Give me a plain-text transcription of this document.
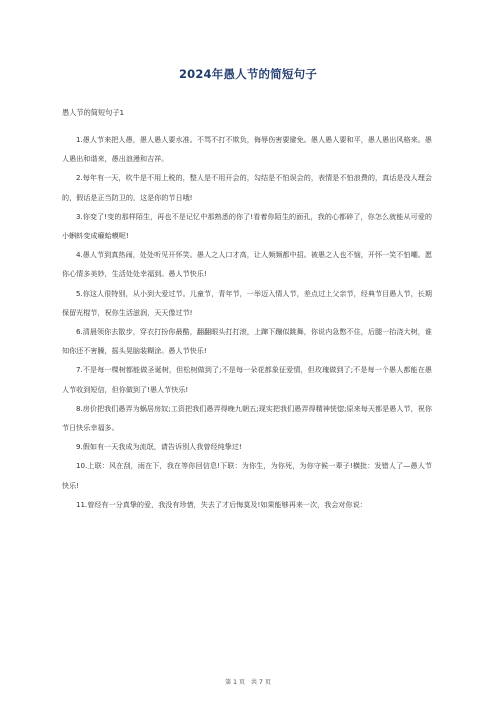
2024年愚人节的简短句子
愚人节的简短句子1

1.愚人节来把人愚，愚人愚人要水准。不骂不打不欺负，侮辱伤害要避免。愚人愚人要和平，愚人愚出风格来。愚人愚出和谐来，愚出浪漫和吉祥。

2.每年有一天，吹牛是不用上税的，整人是不用开会的，勾结是不怕误会的，表情是不怕浪费的，真话是没人理会的，假话是正当防卫的，这是你的节日哦!

3.你变了!变的那样陌生，再也不是记忆中那熟悉的你了!看着你陌生的面孔，我的心都碎了，你怎么就能从可爱的小蝌蚪变成癞蛤蟆呢!

4.愚人节到真热闹，处处听见开怀笑。愚人之人口才高，让人频频都中招。被愚之人也不恼，开怀一笑不怕嘲。愿你心情多美妙，生活处处幸福到。愚人节快乐!

5.你这人很特别，从小到大爱过节。儿童节，青年节，一举迈入情人节，差点过上父亲节，经典节目愚人节，长期保留光棍节，祝你生活滋润，天天像过节!

6.清晨领你去散步，穿衣打扮你最酷，翻翻眼头打打滚，上蹿下蹦似跳舞，你说内急憋不住，后腿一抬浇大树，谁知你还不害臊，摇头晃脑装糊涂。愚人节快乐!

7.不是每一棵树都能做圣诞树，但松树做到了;不是每一朵花都象征爱情，但玫瑰做到了;不是每一个愚人都能在愚人节收到短信，但你做到了!愚人节快乐!

8.房价把我们愚弄为蜗居房奴;工资把我们愚弄得晚九朝五;现实把我们愚弄得精神恍惚;原来每天都是愚人节，祝你节日快乐幸福多。

9.假如有一天我成为流氓，请告诉别人我曾经纯挚过!

10.上联：风在刮，雨在下，我在等你回信息!下联：为你生，为你死，为你守候一辈子!横批：发错人了—愚人节快乐!

11.曾经有一分真挚的爱，我没有珍惜，失去了才后悔莫及!如果能够再来一次，我会对你说：

第 1 页　共 7 页
